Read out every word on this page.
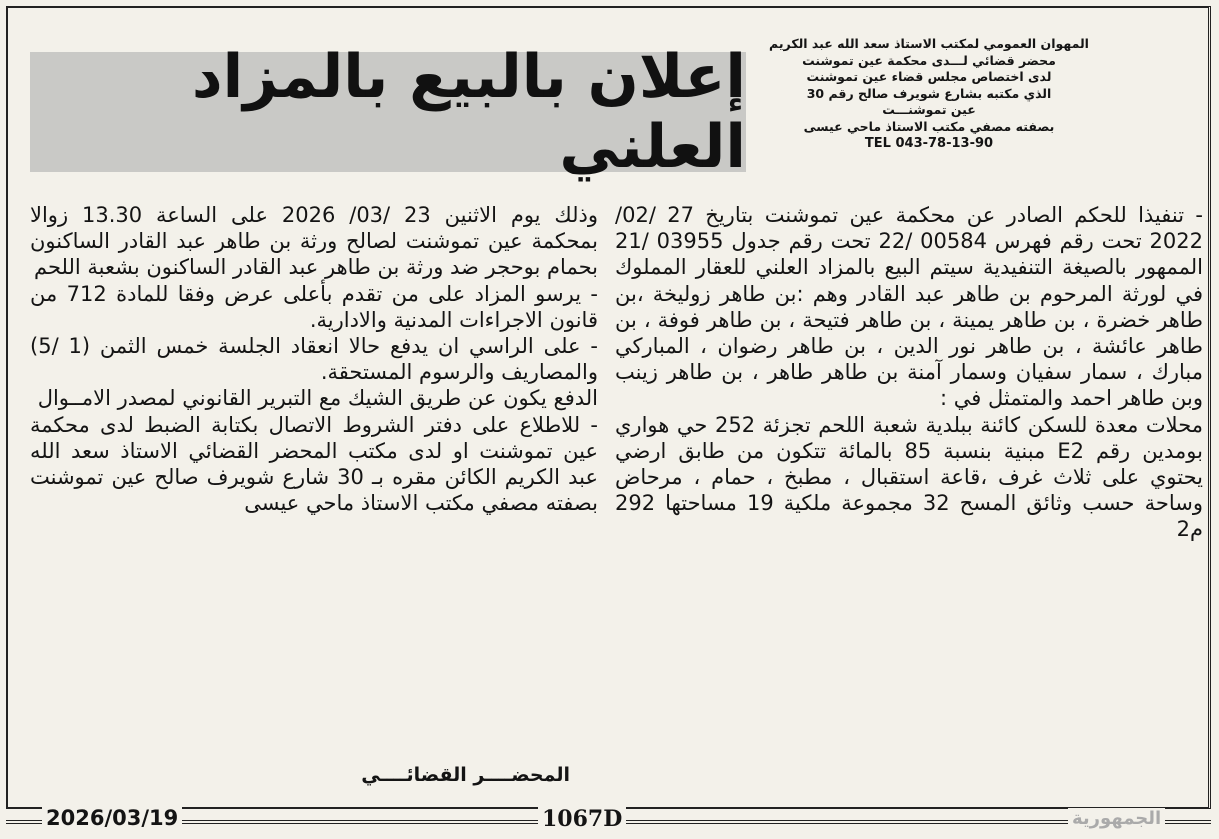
إعلان بالبيع بالمزاد العلني
المهوان العمومي لمكتب الاستاذ سعد الله عبد الكريم
محضر قضائي لـــدى محكمة عين تموشنت
لدى اختصاص مجلس قضاء عين تموشنت
الذي مكتبه بشارع شويرف صالح رقم 30
عين تموشنـــت
بصفته مصفي مكتب الاستاذ ماحي عيسى
TEL 043-78-13-90

- تنفيذا للحكم الصادر عن محكمة عين تموشنت بتاريخ 27 /02/ 2022 تحت رقم فهرس 00584 /22 تحت رقم جدول 03955 /21 الممهور بالصيغة التنفيدية سيتم البيع بالمزاد العلني للعقار المملوك في لورثة المرحوم بن طاهر عبد القادر وهم :بن طاهر زوليخة ،بن طاهر خضرة ، بن طاهر يمينة ، بن طاهر فتيحة ، بن طاهر فوفة ، بن طاهر عائشة ، بن طاهر نور الدين ، بن طاهر رضوان ، المباركي مبارك ، سمار سفيان وسمار آمنة بن طاهر طاهر ، بن طاهر زينب وبن طاهر احمد والمتمثل في :

محلات معدة للسكن كائنة ببلدية شعبة اللحم تجزئة 252 حي هواري بومدين رقم E2 مبنية بنسبة 85 بالمائة تتكون من طابق ارضي يحتوي على ثلاث غرف ،قاعة استقبال ، مطبخ ، حمام ، مرحاض وساحة حسب وثائق المسح 32 مجموعة ملكية 19 مساحتها 292 م2

وذلك يوم الاثنين 23 /03/ 2026 على الساعة 13.30 زوالا بمحكمة عين تموشنت لصالح ورثة بن طاهر عبد القادر الساكنون بحمام بوحجر ضد ورثة بن طاهر عبد القادر الساكنون بشعبة اللحم

- يرسو المزاد على من تقدم بأعلى عرض وفقا للمادة 712 من قانون الاجراءات المدنية والادارية.

- على الراسي ان يدفع حالا انعقاد الجلسة خمس الثمن (1 /5) والمصاريف والرسوم المستحقة.

الدفع يكون عن طريق الشيك مع التبرير القانوني لمصدر الامــوال

- للاطلاع على دفتر الشروط الاتصال بكتابة الضبط لدى محكمة عين تموشنت او لدى مكتب المحضر القضائي الاستاذ سعد الله عبد الكريم الكائن مقره بـ 30 شارع شويرف صالح عين تموشنت بصفته مصفي مكتب الاستاذ ماحي عيسى

المحضــــر القضائــــي
2026/03/19	1067D	الجمهورية
